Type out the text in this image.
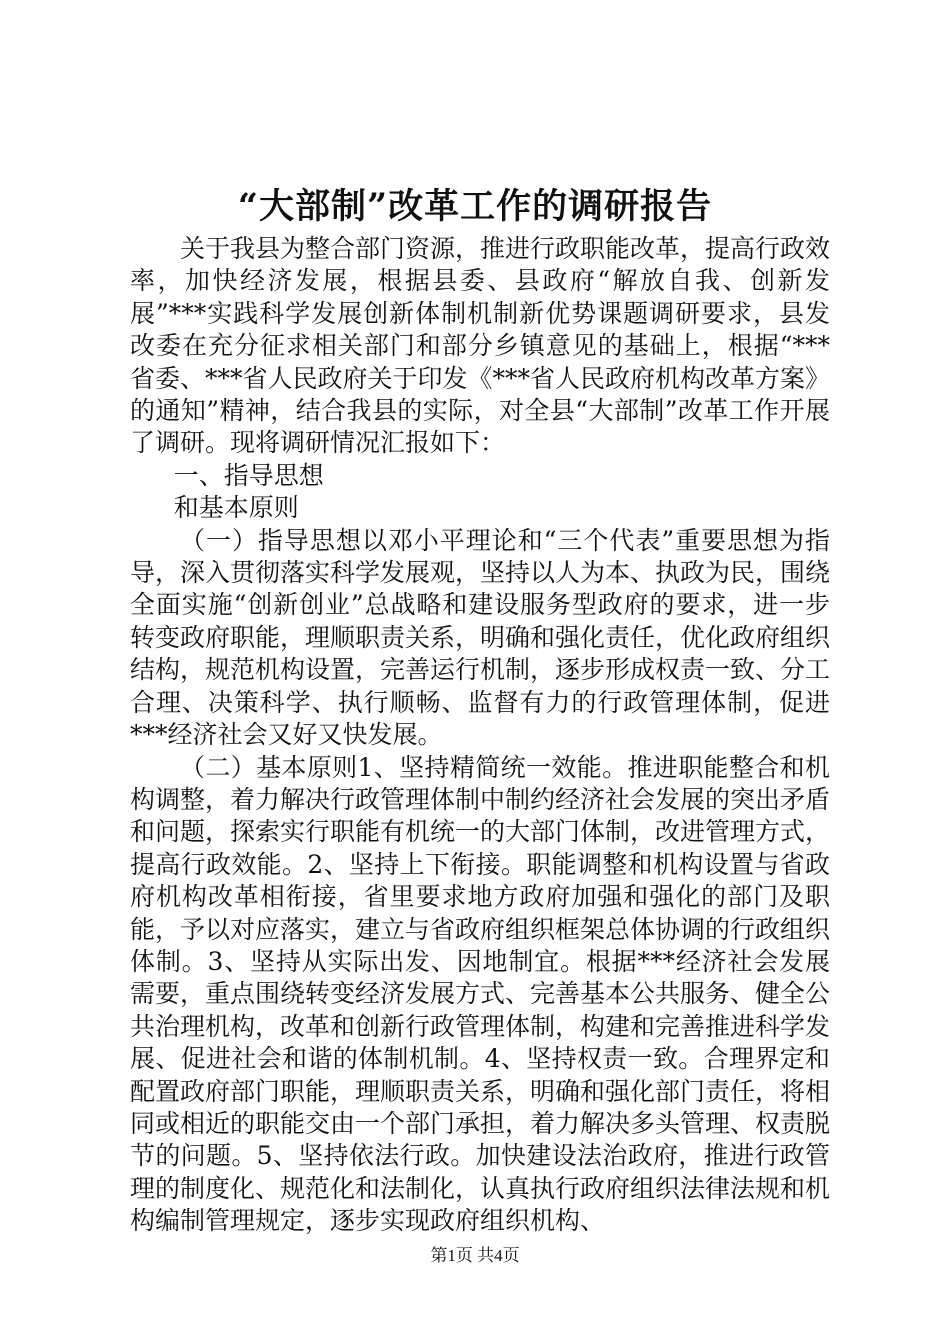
“大部制”改革工作的调研报告

关于我县为整合部门资源，推进行政职能改革，提高行政效率，加快经济发展，根据县委、县政府“解放自我、创新发展”***实践科学发展创新体制机制新优势课题调研要求，县发改委在充分征求相关部门和部分乡镇意见的基础上，根据“***省委、***省人民政府关于印发《***省人民政府机构改革方案》的通知”精神，结合我县的实际，对全县“大部制”改革工作开展了调研。现将调研情况汇报如下：

一、指导思想

和基本原则

（一）指导思想以邓小平理论和“三个代表”重要思想为指导，深入贯彻落实科学发展观，坚持以人为本、执政为民，围绕全面实施“创新创业”总战略和建设服务型政府的要求，进一步转变政府职能，理顺职责关系，明确和强化责任，优化政府组织结构，规范机构设置，完善运行机制，逐步形成权责一致、分工合理、决策科学、执行顺畅、监督有力的行政管理体制，促进***经济社会又好又快发展。

（二）基本原则1、坚持精简统一效能。推进职能整合和机构调整，着力解决行政管理体制中制约经济社会发展的突出矛盾和问题，探索实行职能有机统一的大部门体制，改进管理方式，提高行政效能。2、坚持上下衔接。职能调整和机构设置与省政府机构改革相衔接，省里要求地方政府加强和强化的部门及职能，予以对应落实，建立与省政府组织框架总体协调的行政组织体制。3、坚持从实际出发、因地制宜。根据***经济社会发展需要，重点围绕转变经济发展方式、完善基本公共服务、健全公共治理机构，改革和创新行政管理体制，构建和完善推进科学发展、促进社会和谐的体制机制。4、坚持权责一致。合理界定和配置政府部门职能，理顺职责关系，明确和强化部门责任，将相同或相近的职能交由一个部门承担，着力解决多头管理、权责脱节的问题。5、坚持依法行政。加快建设法治政府，推进行政管理的制度化、规范化和法制化，认真执行政府组织法律法规和机构编制管理规定，逐步实现政府组织机构、

第1页 共4页
